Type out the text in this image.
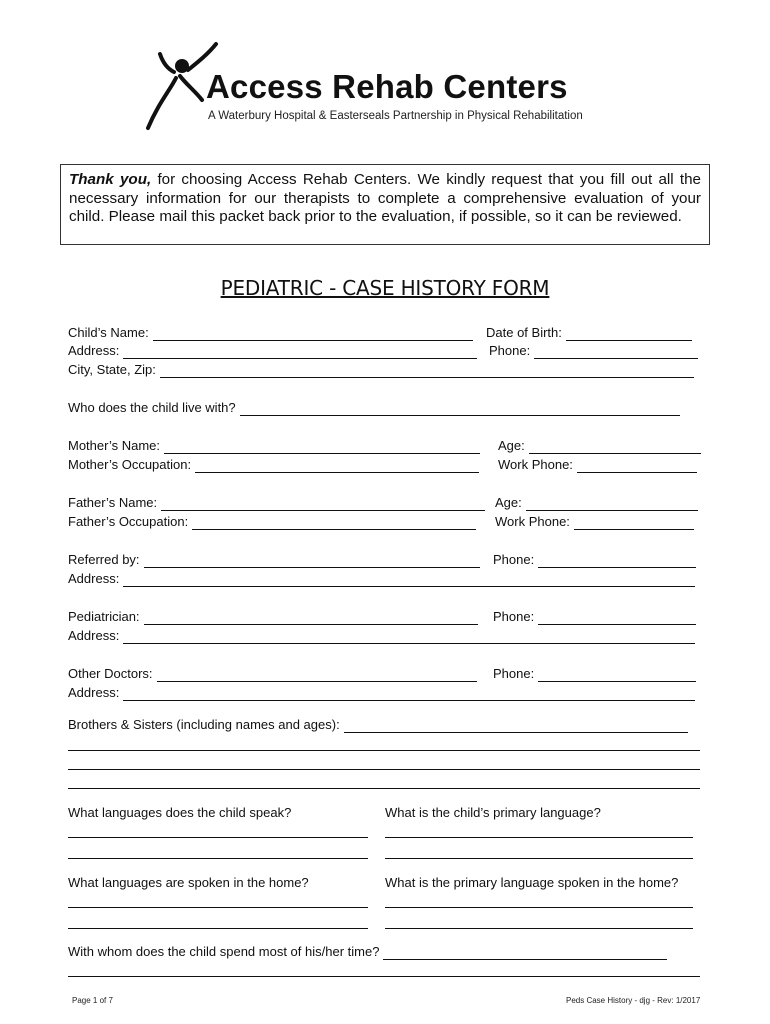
Access Rehab Centers
A Waterbury Hospital & Easterseals Partnership in Physical Rehabilitation
Thank you, for choosing Access Rehab Centers. We kindly request that you fill out all the necessary information for our therapists to complete a comprehensive evaluation of your child. Please mail this packet back prior to the evaluation, if possible, so it can be reviewed.
PEDIATRIC - CASE HISTORY FORM
Child’s Name:	Date of Birth:
Address:	Phone:
City, State, Zip:
Who does the child live with?
Mother’s Name:	Age:
Mother’s Occupation:	Work Phone:
Father’s Name:	Age:
Father’s Occupation:	Work Phone:
Referred by:	Phone:
Address:
Pediatrician:	Phone:
Address:
Other Doctors:	Phone:
Address:
Brothers & Sisters (including names and ages):
What languages does the child speak?	What is the child’s primary language?
What languages are spoken in the home?	What is the primary language spoken in the home?
With whom does the child spend most of his/her time?
Page 1 of 7	Peds Case History - djg - Rev: 1/2017
